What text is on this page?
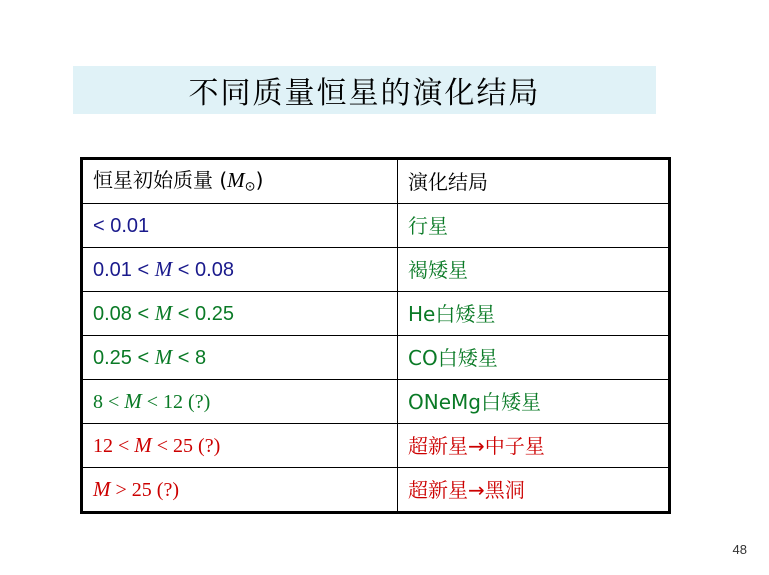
不同质量恒星的演化结局
恒星初始质量 (M⊙)	演化结局
< 0.01	行星
0.01 < M < 0.08	褐矮星
0.08 < M < 0.25	He白矮星
0.25 < M < 8	CO白矮星
8 < M < 12 (?)	ONeMg白矮星
12 < M < 25 (?)	超新星→中子星
M > 25 (?)	超新星→黑洞
48
